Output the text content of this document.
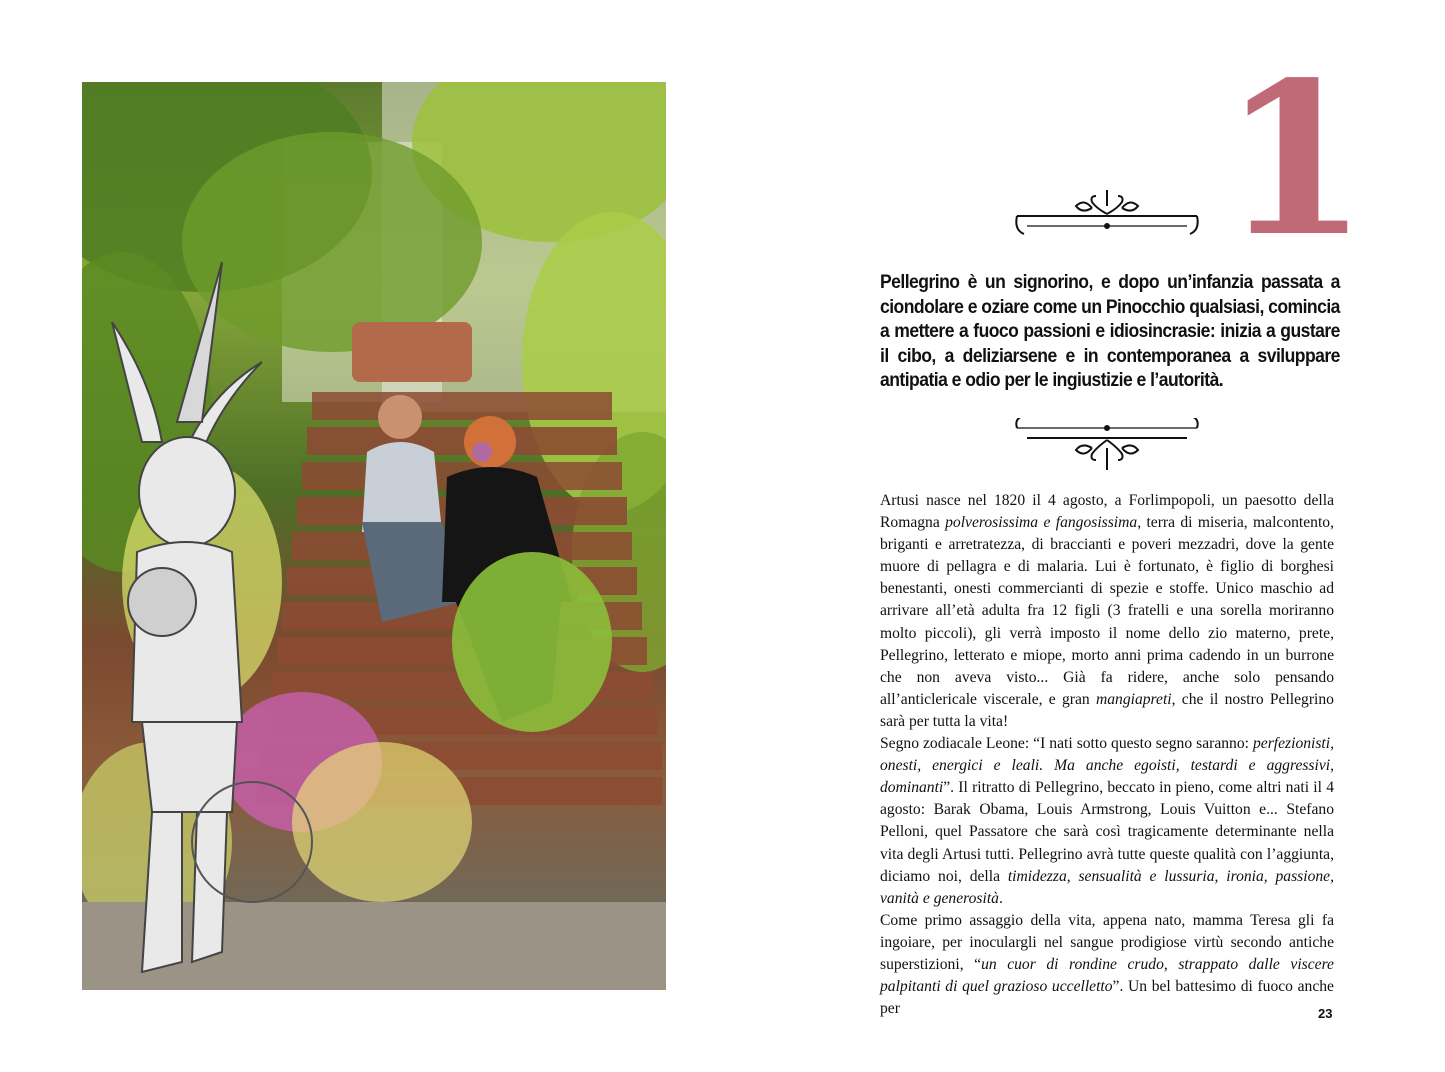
1
Pellegrino è un signorino, e dopo un’infanzia passata a ciondolare e oziare come un Pinocchio qualsiasi, comincia a mettere a fuoco passioni e idiosincrasie: inizia a gustare il cibo, a deliziarsene e in contemporanea a sviluppare antipatia e odio per le ingiustizie e l’autorità.

Artusi nasce nel 1820 il 4 agosto, a Forlimpopoli, un paesotto della Romagna polverosissima e fangosissima, terra di miseria, malcontento, briganti e arretratezza, di braccianti e poveri mezzadri, dove la gente muore di pellagra e di malaria. Lui è fortunato, è figlio di borghesi benestanti, onesti commercianti di spezie e stoffe. Unico maschio ad arrivare all’età adulta fra 12 figli (3 fratelli e una sorella moriranno molto piccoli), gli verrà imposto il nome dello zio materno, prete, Pellegrino, letterato e miope, morto anni prima cadendo in un burrone che non aveva visto... Già fa ridere, anche solo pensando all’anticlericale viscerale, e gran mangiapreti, che il nostro Pellegrino sarà per tutta la vita!

Segno zodiacale Leone: “I nati sotto questo segno saranno: perfezionisti, onesti, energici e leali. Ma anche egoisti, testardi e aggressivi, dominanti”. Il ritratto di Pellegrino, beccato in pieno, come altri nati il 4 agosto: Barak Obama, Louis Armstrong, Louis Vuitton e... Stefano Pelloni, quel Passatore che sarà così tragicamente determinante nella vita degli Artusi tutti. Pellegrino avrà tutte queste qualità con l’aggiunta, diciamo noi, della timidezza, sensualità e lussuria, ironia, passione, vanità e generosità.

Come primo assaggio della vita, appena nato, mamma Teresa gli fa ingoiare, per inoculargli nel sangue prodigiose virtù secondo antiche superstizioni, “un cuor di rondine crudo, strappato dalle viscere palpitanti di quel grazioso uccelletto”. Un bel battesimo di fuoco anche per	23
